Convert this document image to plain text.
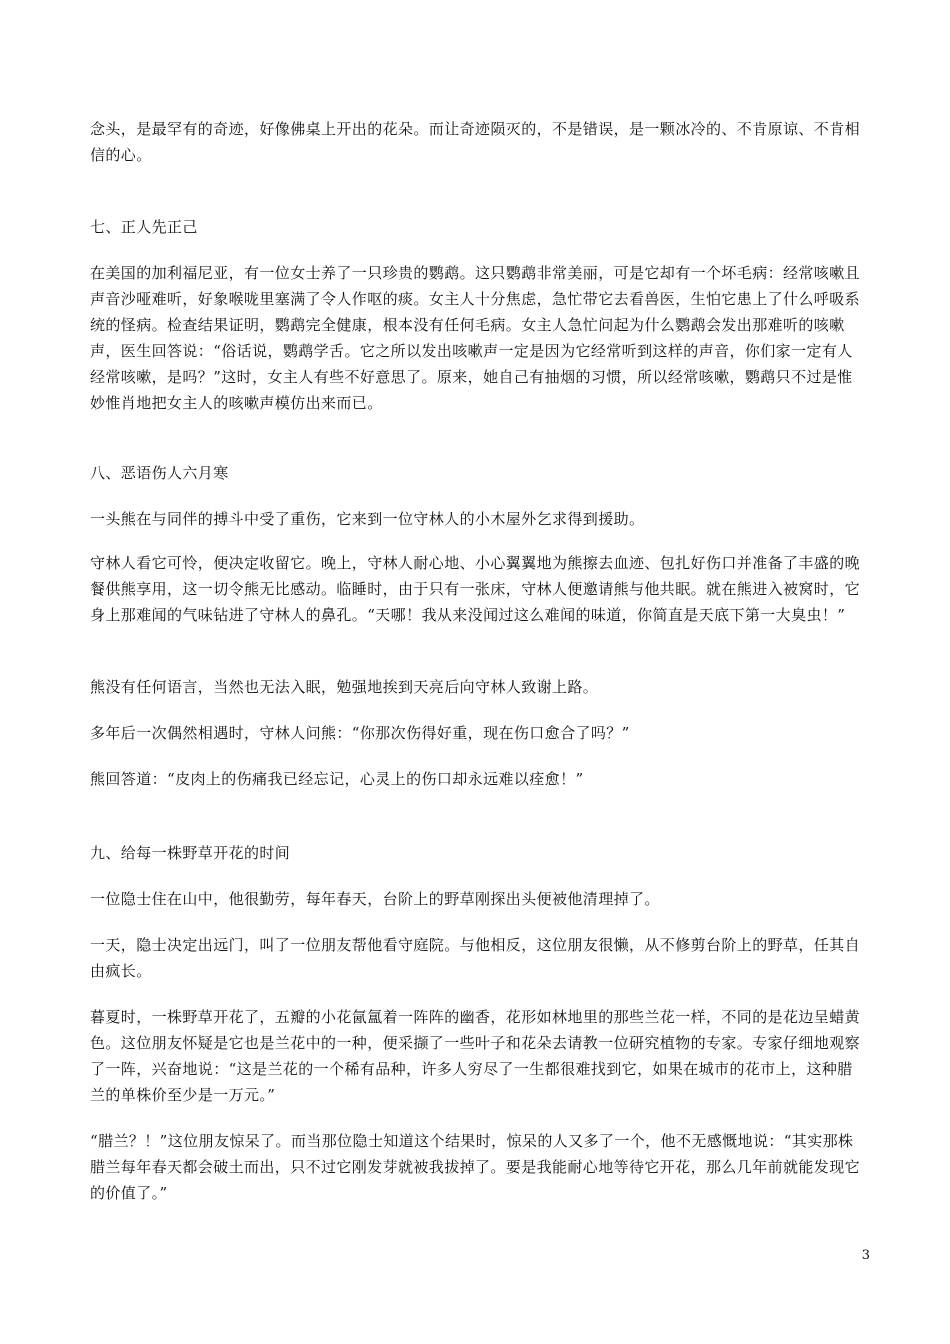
念头，是最罕有的奇迹，好像佛桌上开出的花朵。而让奇迹陨灭的，不是错误，是一颗冰冷的、不肯原谅、不肯相信的心。

七、正人先正己

在美国的加利福尼亚，有一位女士养了一只珍贵的鹦鹉。这只鹦鹉非常美丽，可是它却有一个坏毛病：经常咳嗽且声音沙哑难听，好象喉咙里塞满了令人作呕的痰。女主人十分焦虑，急忙带它去看兽医，生怕它患上了什么呼吸系统的怪病。检查结果证明，鹦鹉完全健康，根本没有任何毛病。女主人急忙问起为什么鹦鹉会发出那难听的咳嗽声，医生回答说：“俗话说，鹦鹉学舌。它之所以发出咳嗽声一定是因为它经常听到这样的声音，你们家一定有人经常咳嗽，是吗？”这时，女主人有些不好意思了。原来，她自己有抽烟的习惯，所以经常咳嗽，鹦鹉只不过是惟妙惟肖地把女主人的咳嗽声模仿出来而已。

八、恶语伤人六月寒

一头熊在与同伴的搏斗中受了重伤，它来到一位守林人的小木屋外乞求得到援助。

守林人看它可怜，便决定收留它。晚上，守林人耐心地、小心翼翼地为熊擦去血迹、包扎好伤口并准备了丰盛的晚餐供熊享用，这一切令熊无比感动。临睡时，由于只有一张床，守林人便邀请熊与他共眠。就在熊进入被窝时，它身上那难闻的气味钻进了守林人的鼻孔。“天哪！我从来没闻过这么难闻的味道，你简直是天底下第一大臭虫！”

熊没有任何语言，当然也无法入眠，勉强地挨到天亮后向守林人致谢上路。

多年后一次偶然相遇时，守林人问熊：“你那次伤得好重，现在伤口愈合了吗？”

熊回答道：“皮肉上的伤痛我已经忘记，心灵上的伤口却永远难以痊愈！”

九、给每一株野草开花的时间

一位隐士住在山中，他很勤劳，每年春天，台阶上的野草刚探出头便被他清理掉了。

一天，隐士决定出远门，叫了一位朋友帮他看守庭院。与他相反，这位朋友很懒，从不修剪台阶上的野草，任其自由疯长。

暮夏时，一株野草开花了，五瓣的小花氤氲着一阵阵的幽香，花形如林地里的那些兰花一样，不同的是花边呈蜡黄色。这位朋友怀疑是它也是兰花中的一种，便采撷了一些叶子和花朵去请教一位研究植物的专家。专家仔细地观察了一阵，兴奋地说：“这是兰花的一个稀有品种，许多人穷尽了一生都很难找到它，如果在城市的花市上，这种腊兰的单株价至少是一万元。”

“腊兰？！”这位朋友惊呆了。而当那位隐士知道这个结果时，惊呆的人又多了一个，他不无感慨地说：“其实那株腊兰每年春天都会破土而出，只不过它刚发芽就被我拔掉了。要是我能耐心地等待它开花，那么几年前就能发现它的价值了。”

3
